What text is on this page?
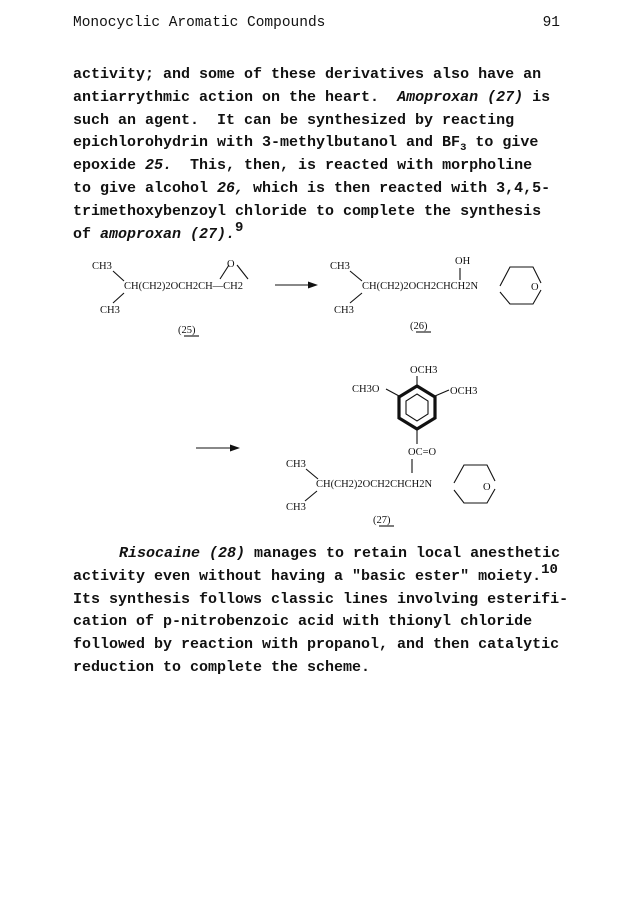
Monocyclic Aromatic Compounds	91
activity; and some of these derivatives also have an
antiarrythmic action on the heart.  Amoproxan (27) is
such an agent.  It can be synthesized by reacting
epichlorohydrin with 3-methylbutanol and $BF_3$ to give
epoxide 25.  This, then, is reacted with morpholine
to give alcohol 26, which is then reacted with 3,4,5-
trimethoxybenzoyl chloride to complete the synthesis
of amoproxan (27).$^9$
CH3
CH(CH2)2OCH2CH—CH2
CH3
O
(25)
CH3	OH
CH(CH2)2OCH2CHCH2N
CH3
O
(26)
OCH3
CH3O	OCH3
OC=O
CH3
CH(CH2)2OCH2CHCH2N
CH3
O
(27)
Risocaine (28) manages to retain local anesthetic
activity even without having a "basic ester" moiety.$^{10}$
Its synthesis follows classic lines involving esterifi-
cation of p-nitrobenzoic acid with thionyl chloride
followed by reaction with propanol, and then catalytic
reduction to complete the scheme.
